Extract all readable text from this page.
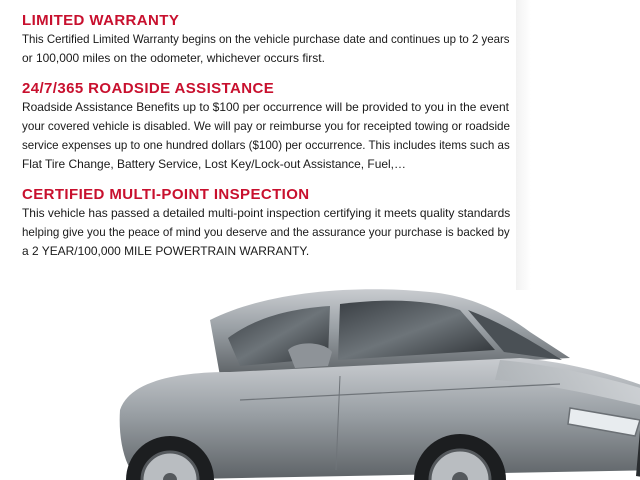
LIMITED WARRANTY
This Certified Limited Warranty begins on the vehicle purchase date and continues up to 2 years
or 100,000 miles on the odometer, whichever occurs first.
24/7/365 ROADSIDE ASSISTANCE
Roadside Assistance Benefits up to $100 per occurrence will be provided to you in the event
your covered vehicle is disabled. We will pay or reimburse you for receipted towing or roadside
service expenses up to one hundred dollars ($100) per occurrence. This includes items such as
Flat Tire Change, Battery Service, Lost Key/Lock-out Assistance, Fuel,…
CERTIFIED MULTI-POINT INSPECTION
This vehicle has passed a detailed multi-point inspection certifying it meets quality standards
helping give you the peace of mind you deserve and the assurance your purchase is backed by
a 2 YEAR/100,000 MILE POWERTRAIN WARRANTY.
